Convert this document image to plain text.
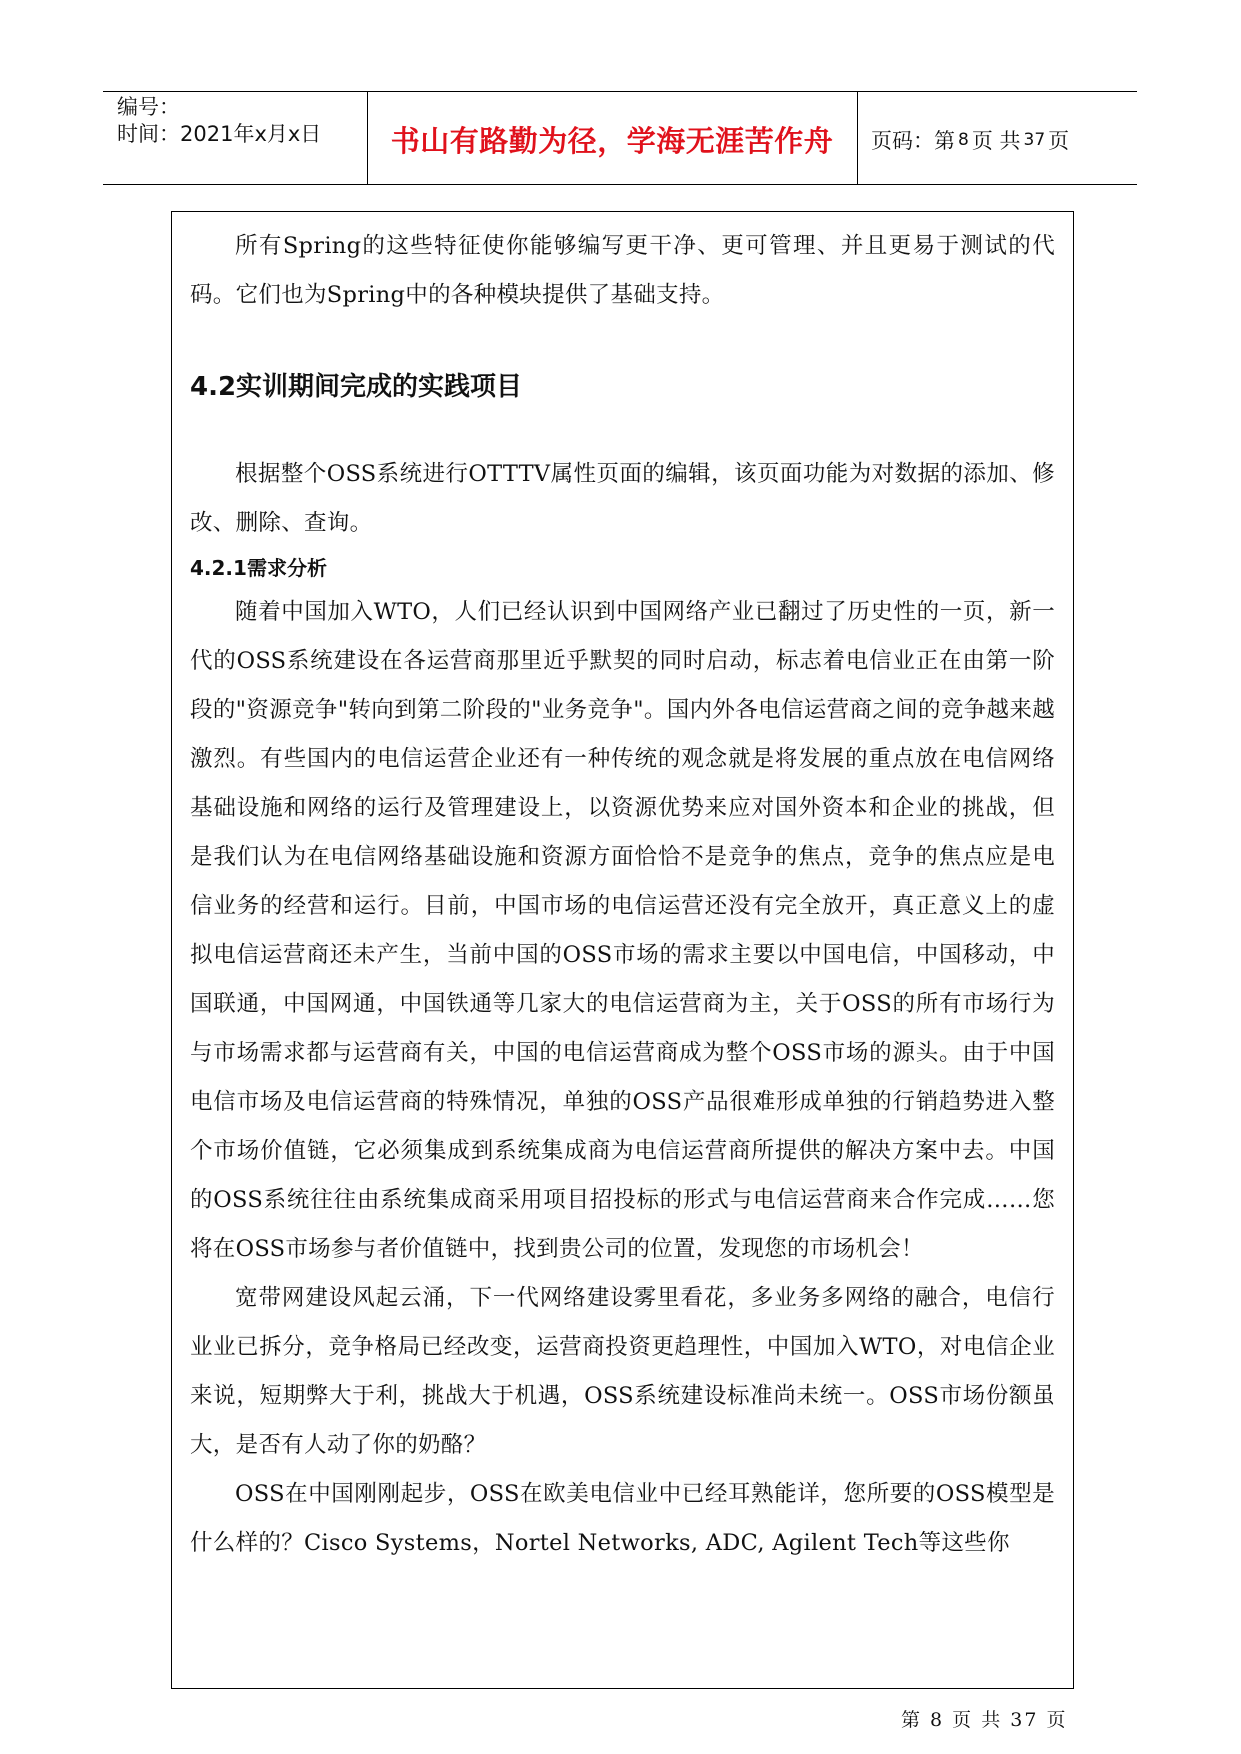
编号：
时间：2021年x月x日	书山有路勤为径，学海无涯苦作舟	页码：第 8 页 共 37 页

所有Spring的这些特征使你能够编写更干净、更可管理、并且更易于测试的代码。它们也为Spring中的各种模块提供了基础支持。

4.2实训期间完成的实践项目

根据整个OSS系统进行OTTTV属性页面的编辑，该页面功能为对数据的添加、修改、删除、查询。

4.2.1需求分析

随着中国加入WTO，人们已经认识到中国网络产业已翻过了历史性的一页，新一代的OSS系统建设在各运营商那里近乎默契的同时启动，标志着电信业正在由第一阶段的"资源竞争"转向到第二阶段的"业务竞争"。国内外各电信运营商之间的竞争越来越激烈。有些国内的电信运营企业还有一种传统的观念就是将发展的重点放在电信网络基础设施和网络的运行及管理建设上，以资源优势来应对国外资本和企业的挑战，但是我们认为在电信网络基础设施和资源方面恰恰不是竞争的焦点，竞争的焦点应是电信业务的经营和运行。目前，中国市场的电信运营还没有完全放开，真正意义上的虚拟电信运营商还未产生，当前中国的OSS市场的需求主要以中国电信，中国移动，中国联通，中国网通，中国铁通等几家大的电信运营商为主，关于OSS的所有市场行为与市场需求都与运营商有关，中国的电信运营商成为整个OSS市场的源头。由于中国电信市场及电信运营商的特殊情况，单独的OSS产品很难形成单独的行销趋势进入整个市场价值链，它必须集成到系统集成商为电信运营商所提供的解决方案中去。中国的OSS系统往往由系统集成商采用项目招投标的形式与电信运营商来合作完成……您将在OSS市场参与者价值链中，找到贵公司的位置，发现您的市场机会！

宽带网建设风起云涌，下一代网络建设雾里看花，多业务多网络的融合，电信行业业已拆分，竞争格局已经改变，运营商投资更趋理性，中国加入WTO，对电信企业来说，短期弊大于利，挑战大于机遇，OSS系统建设标准尚未统一。OSS市场份额虽大，是否有人动了你的奶酪？

OSS在中国刚刚起步，OSS在欧美电信业中已经耳熟能详，您所要的OSS模型是什么样的？Cisco Systems，Nortel Networks, ADC, Agilent Tech等这些你

第 8 页 共 37 页
